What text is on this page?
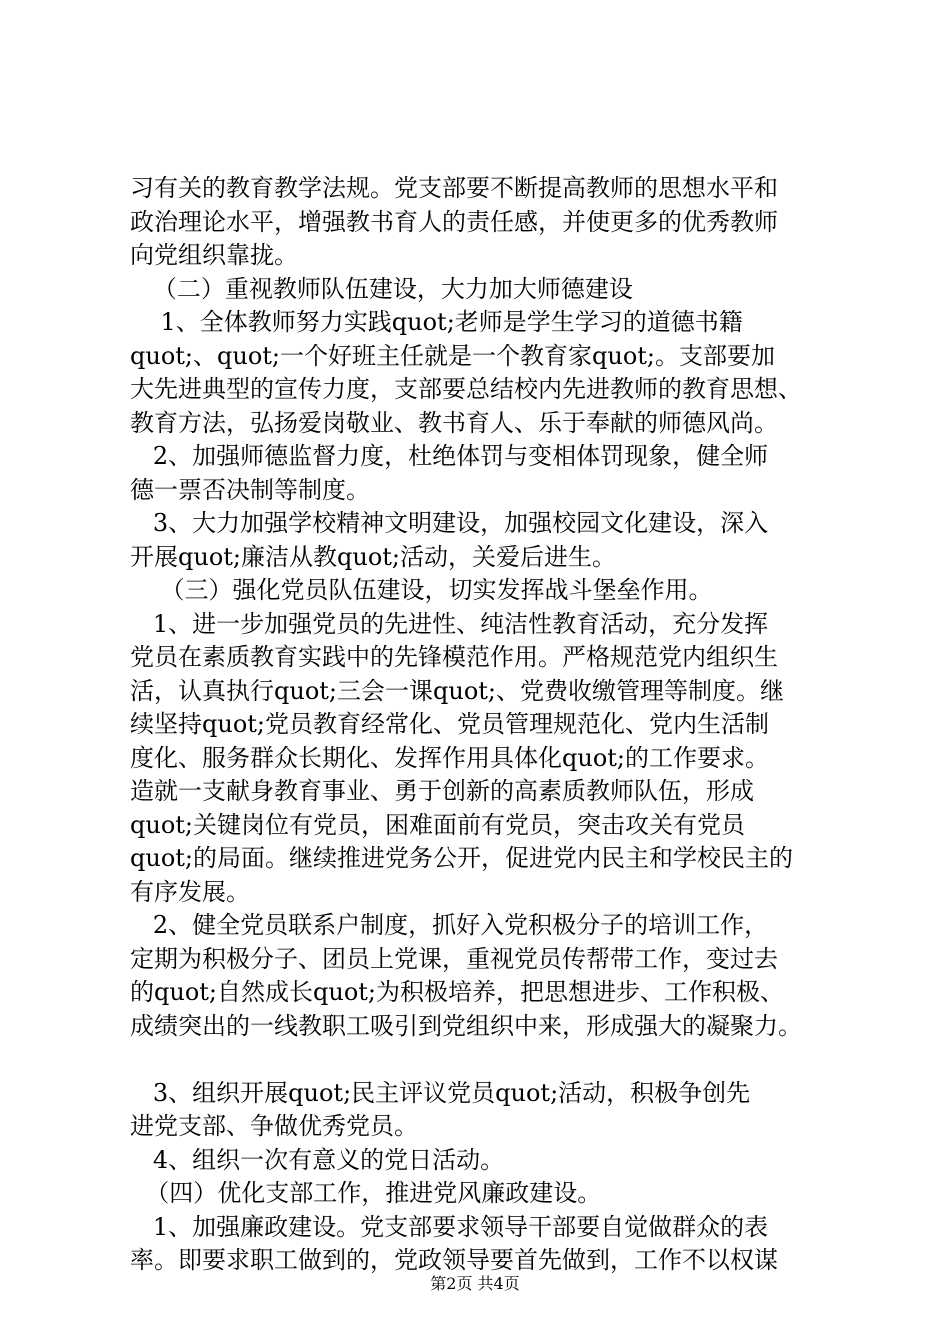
习有关的教育教学法规。党支部要不断提高教师的思想水平和
政治理论水平，增强教书育人的责任感，并使更多的优秀教师
向党组织靠拢。
（二）重视教师队伍建设，大力加大师德建设
1、全体教师努力实践quot;老师是学生学习的道德书籍
quot;、quot;一个好班主任就是一个教育家quot;。支部要加
大先进典型的宣传力度，支部要总结校内先进教师的教育思想、
教育方法，弘扬爱岗敬业、教书育人、乐于奉献的师德风尚。
2、加强师德监督力度，杜绝体罚与变相体罚现象，健全师
德一票否决制等制度。
3、大力加强学校精神文明建设，加强校园文化建设，深入
开展quot;廉洁从教quot;活动，关爱后进生。
（三）强化党员队伍建设，切实发挥战斗堡垒作用。
1、进一步加强党员的先进性、纯洁性教育活动，充分发挥
党员在素质教育实践中的先锋模范作用。严格规范党内组织生
活，认真执行quot;三会一课quot;、党费收缴管理等制度。继
续坚持quot;党员教育经常化、党员管理规范化、党内生活制
度化、服务群众长期化、发挥作用具体化quot;的工作要求。
造就一支献身教育事业、勇于创新的高素质教师队伍，形成
quot;关键岗位有党员，困难面前有党员，突击攻关有党员
quot;的局面。继续推进党务公开，促进党内民主和学校民主的
有序发展。
2、健全党员联系户制度，抓好入党积极分子的培训工作，
定期为积极分子、团员上党课，重视党员传帮带工作，变过去
的quot;自然成长quot;为积极培养，把思想进步、工作积极、
成绩突出的一线教职工吸引到党组织中来，形成强大的凝聚力。
3、组织开展quot;民主评议党员quot;活动，积极争创先
进党支部、争做优秀党员。
4、组织一次有意义的党日活动。
（四）优化支部工作，推进党风廉政建设。
1、加强廉政建设。党支部要求领导干部要自觉做群众的表
率。即要求职工做到的，党政领导要首先做到，工作不以权谋
第2页 共4页
